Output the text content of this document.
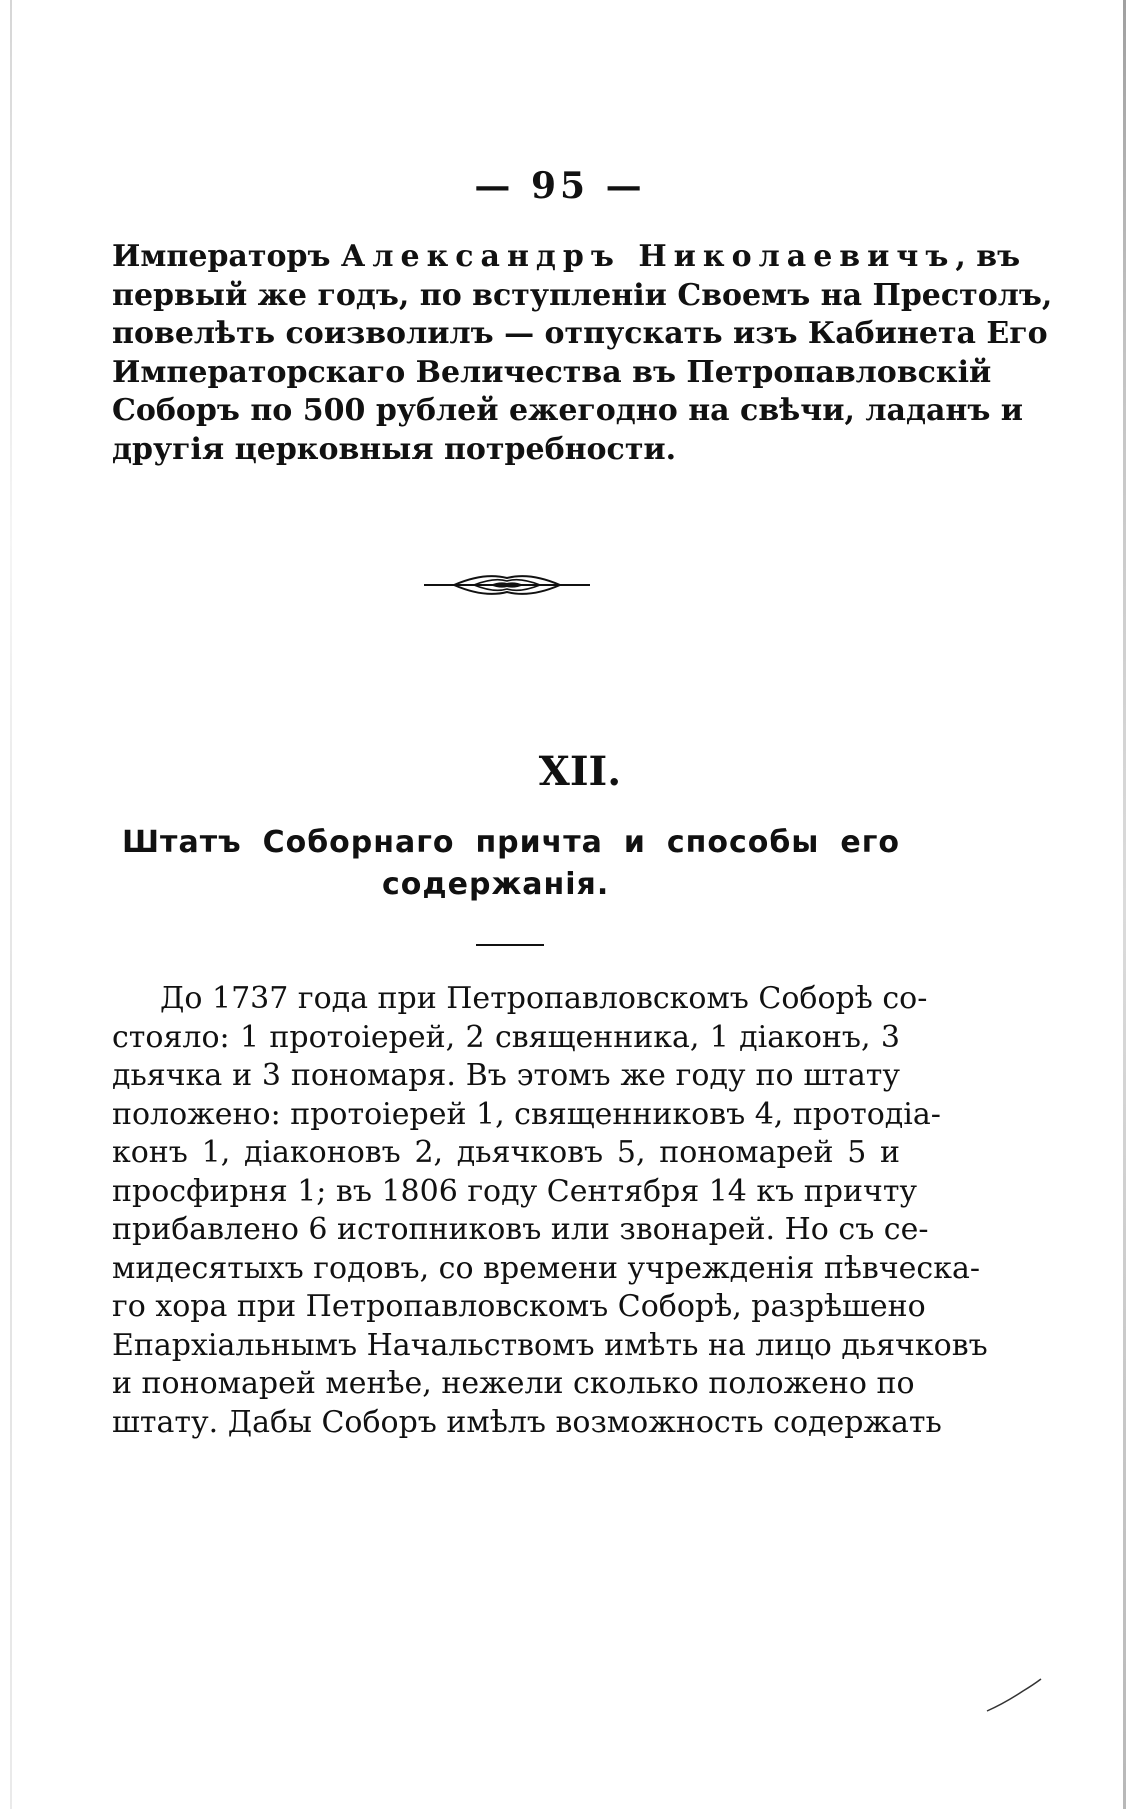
— 95 —
Императоръ Александръ Николаевичъ, въ
первый же годъ, по вступленіи Своемъ на Престолъ,
повелѣть соизволилъ — отпускать изъ Кабинета Его
Императорскаго Величества въ Петропавловскій
Соборъ по 500 рублей ежегодно на свѣчи, ладанъ и
другія церковныя потребности.
XII.
Штатъ Соборнаго причта и способы его
содержанія.
До 1737 года при Петропавловскомъ Соборѣ со-
стояло: 1 протоіерей, 2 священника, 1 діаконъ, 3
дьячка и 3 пономаря. Въ этомъ же году по штату
положено: протоіерей 1, священниковъ 4, протодіа-
конъ 1, діаконовъ 2, дьячковъ 5, пономарей 5 и
просфирня 1; въ 1806 году Сентября 14 къ причту
прибавлено 6 истопниковъ или звонарей. Но съ се-
мидесятыхъ годовъ, со времени учрежденія пѣвческа-
го хора при Петропавловскомъ Соборѣ, разрѣшено
Епархіальнымъ Начальствомъ имѣть на лицо дьячковъ
и пономарей менѣе, нежели сколько положено по
штату. Дабы Соборъ имѣлъ возможность содержать
